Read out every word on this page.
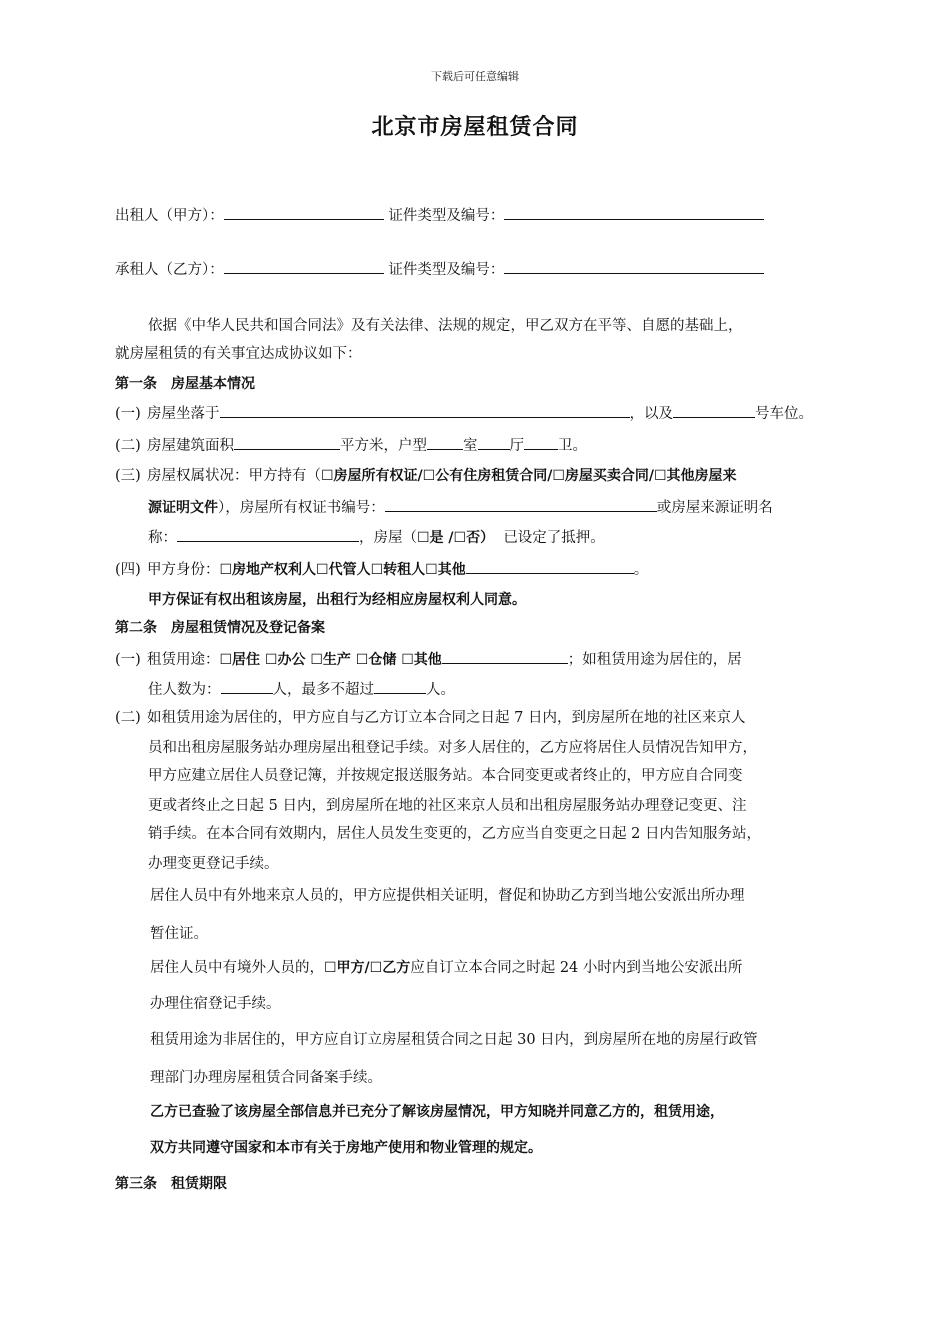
下载后可任意编辑
北京市房屋租赁合同
出租人（甲方）：	证件类型及编号：
承租人（乙方）：	证件类型及编号：
依据《中华人民共和国合同法》及有关法律、法规的规定，甲乙双方在平等、自愿的基础上，
就房屋租赁的有关事宜达成协议如下：
第一条　房屋基本情况
(一) 房屋坐落于	，以及	号车位。
(二) 房屋建筑面积	平方米，户型 室 厅 卫。
(三) 房屋权属状况：甲方持有（☐房屋所有权证/☐公有住房租赁合同/☐房屋买卖合同/☐其他房屋来
源证明文件），房屋所有权证书编号：	或房屋来源证明名
称：	，房屋（☐是 /☐否） 已设定了抵押。
(四) 甲方身份：☐房地产权利人☐代管人☐转租人☐其他	。
甲方保证有权出租该房屋，出租行为经相应房屋权利人同意。
第二条　房屋租赁情况及登记备案
(一) 租赁用途：☐居住 ☐办公 ☐生产 ☐仓储 ☐其他	；如租赁用途为居住的，居
住人数为：	人，最多不超过	人。
(二) 如租赁用途为居住的，甲方应自与乙方订立本合同之日起 7 日内，到房屋所在地的社区来京人
员和出租房屋服务站办理房屋出租登记手续。对多人居住的，乙方应将居住人员情况告知甲方，
甲方应建立居住人员登记簿，并按规定报送服务站。本合同变更或者终止的，甲方应自合同变
更或者终止之日起 5 日内，到房屋所在地的社区来京人员和出租房屋服务站办理登记变更、注
销手续。在本合同有效期内，居住人员发生变更的，乙方应当自变更之日起 2 日内告知服务站，
办理变更登记手续。
居住人员中有外地来京人员的，甲方应提供相关证明，督促和协助乙方到当地公安派出所办理
暂住证。
居住人员中有境外人员的，☐甲方/☐乙方应自订立本合同之时起 24 小时内到当地公安派出所
办理住宿登记手续。
租赁用途为非居住的，甲方应自订立房屋租赁合同之日起 30 日内，到房屋所在地的房屋行政管
理部门办理房屋租赁合同备案手续。
乙方已查验了该房屋全部信息并已充分了解该房屋情况，甲方知晓并同意乙方的，租赁用途，
双方共同遵守国家和本市有关于房地产使用和物业管理的规定。
第三条　租赁期限
